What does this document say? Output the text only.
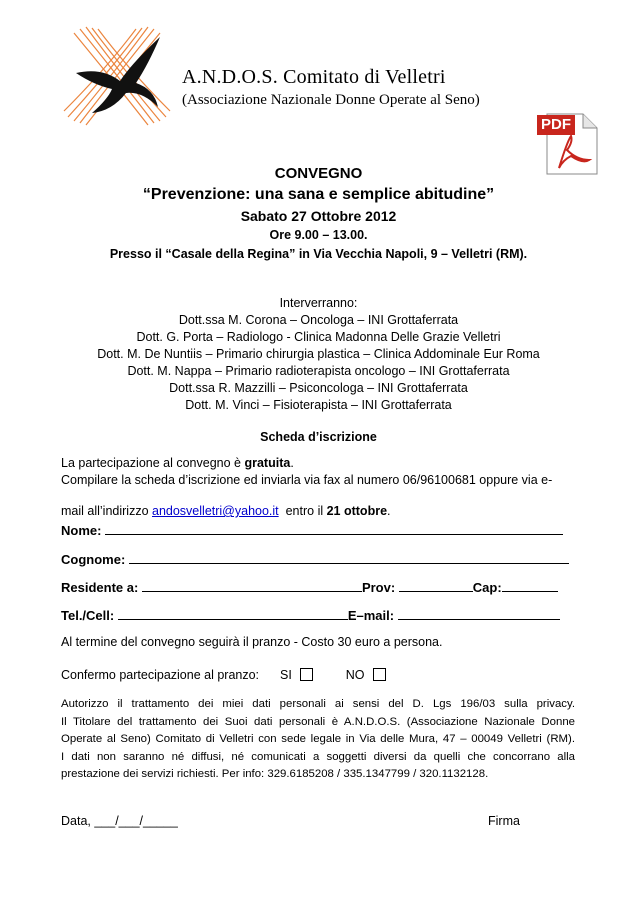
A.N.D.O.S. Comitato di Velletri
(Associazione Nazionale Donne Operate al Seno)
PDF
CONVEGNO
“Prevenzione: una sana e semplice abitudine”
Sabato 27 Ottobre 2012
Ore 9.00 – 13.00.
Presso il “Casale della Regina” in Via Vecchia Napoli, 9 – Velletri (RM).
Interverranno:
Dott.ssa M. Corona – Oncologa – INI Grottaferrata
Dott. G. Porta – Radiologo - Clinica Madonna Delle Grazie Velletri
Dott. M. De Nuntiis – Primario chirurgia plastica – Clinica Addominale Eur Roma
Dott. M. Nappa – Primario radioterapista oncologo – INI Grottaferrata
Dott.ssa R. Mazzilli – Psiconcologa – INI Grottaferrata
Dott. M. Vinci – Fisioterapista – INI Grottaferrata
Scheda d’iscrizione
La partecipazione al convegno è gratuita.
Compilare la scheda d’iscrizione ed inviarla via fax al numero 06/96100681 oppure via e-

mail all’indirizzo andosvelletri@yahoo.it  entro il 21 ottobre.

Nome:
Cognome:
Residente a:	Prov:	Cap:
Tel./Cell:	E–mail:
Al termine del convegno seguirà il pranzo - Costo 30 euro a persona.
Confermo partecipazione al pranzo: SI	NO
Autorizzo il trattamento dei miei dati personali ai sensi del D. Lgs 196/03 sulla privacy.
Il Titolare del trattamento dei Suoi dati personali è A.N.D.O.S. (Associazione Nazionale Donne
Operate al Seno) Comitato di Velletri con sede legale in Via delle Mura, 47 – 00049 Velletri (RM).
I dati non saranno né diffusi, né comunicati a soggetti diversi da quelli che concorrano alla
prestazione dei servizi richiesti. Per info: 329.6185208 / 335.1347799 / 320.1132128.
Data, ___/___/_____	Firma
